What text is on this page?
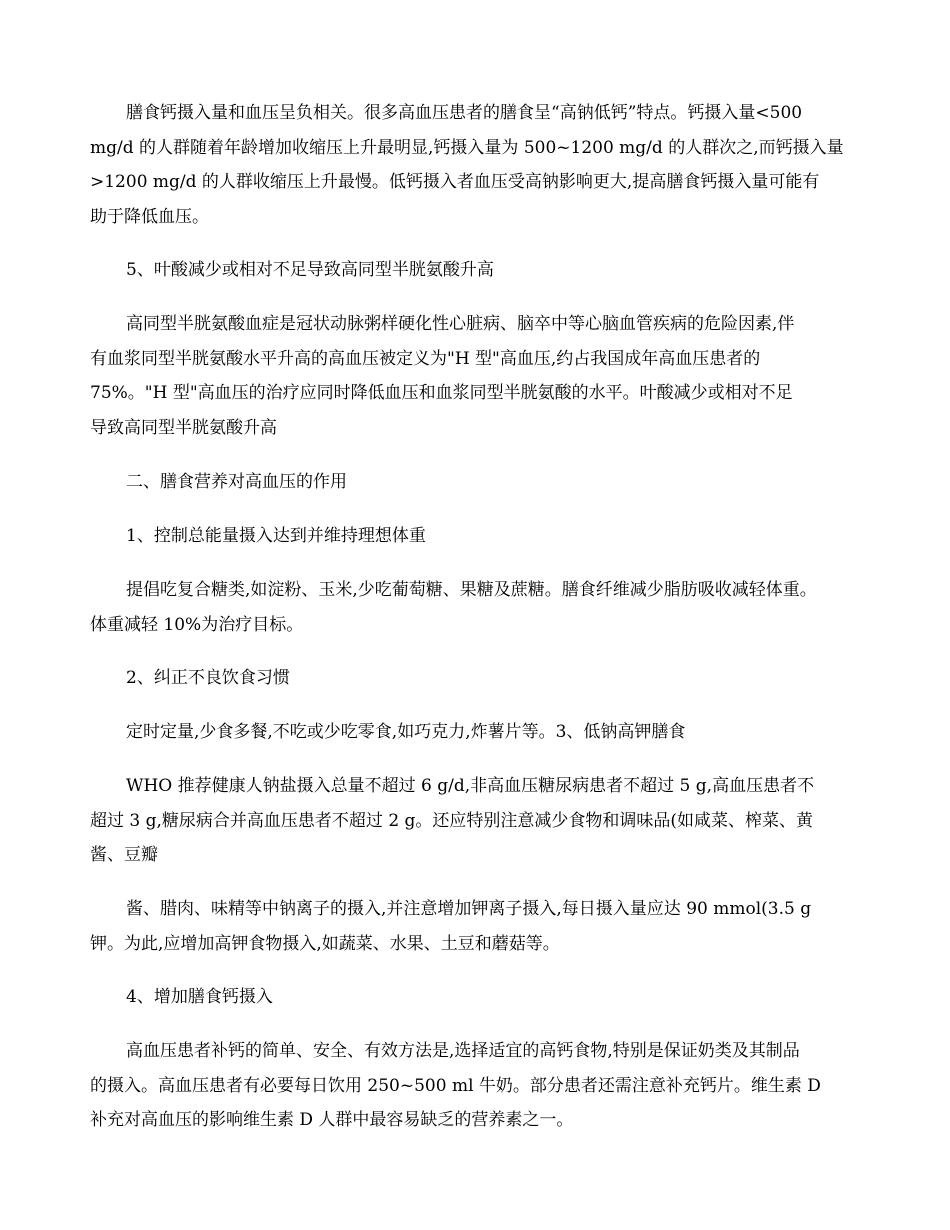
膳食钙摄入量和血压呈负相关。很多高血压患者的膳食呈“高钠低钙”特点。钙摄入量<500
mg/d 的人群随着年龄增加收缩压上升最明显,钙摄入量为 500~1200 mg/d 的人群次之,而钙摄入量
>1200 mg/d 的人群收缩压上升最慢。低钙摄入者血压受高钠影响更大,提高膳食钙摄入量可能有
助于降低血压。
5、叶酸减少或相对不足导致高同型半胱氨酸升高
高同型半胱氨酸血症是冠状动脉粥样硬化性心脏病、脑卒中等心脑血管疾病的危险因素,伴
有血浆同型半胱氨酸水平升高的高血压被定义为"H 型"高血压,约占我国成年高血压患者的
75%。"H 型"高血压的治疗应同时降低血压和血浆同型半胱氨酸的水平。叶酸减少或相对不足
导致高同型半胱氨酸升高
二、膳食营养对高血压的作用
1、控制总能量摄入达到并维持理想体重
提倡吃复合糖类,如淀粉、玉米,少吃葡萄糖、果糖及蔗糖。膳食纤维减少脂肪吸收减轻体重。
体重减轻 10%为治疗目标。
2、纠正不良饮食习惯
定时定量,少食多餐,不吃或少吃零食,如巧克力,炸薯片等。3、低钠高钾膳食
WHO 推荐健康人钠盐摄入总量不超过 6 g/d,非高血压糖尿病患者不超过 5 g,高血压患者不
超过 3 g,糖尿病合并高血压患者不超过 2 g。还应特别注意减少食物和调味品(如咸菜、榨菜、黄
酱、豆瓣
酱、腊肉、味精等中钠离子的摄入,并注意增加钾离子摄入,每日摄入量应达 90 mmol(3.5 g
钾。为此,应增加高钾食物摄入,如蔬菜、水果、土豆和蘑菇等。
4、增加膳食钙摄入
高血压患者补钙的简单、安全、有效方法是,选择适宜的高钙食物,特别是保证奶类及其制品
的摄入。高血压患者有必要每日饮用 250~500 ml 牛奶。部分患者还需注意补充钙片。维生素 D
补充对高血压的影响维生素 D 人群中最容易缺乏的营养素之一。
